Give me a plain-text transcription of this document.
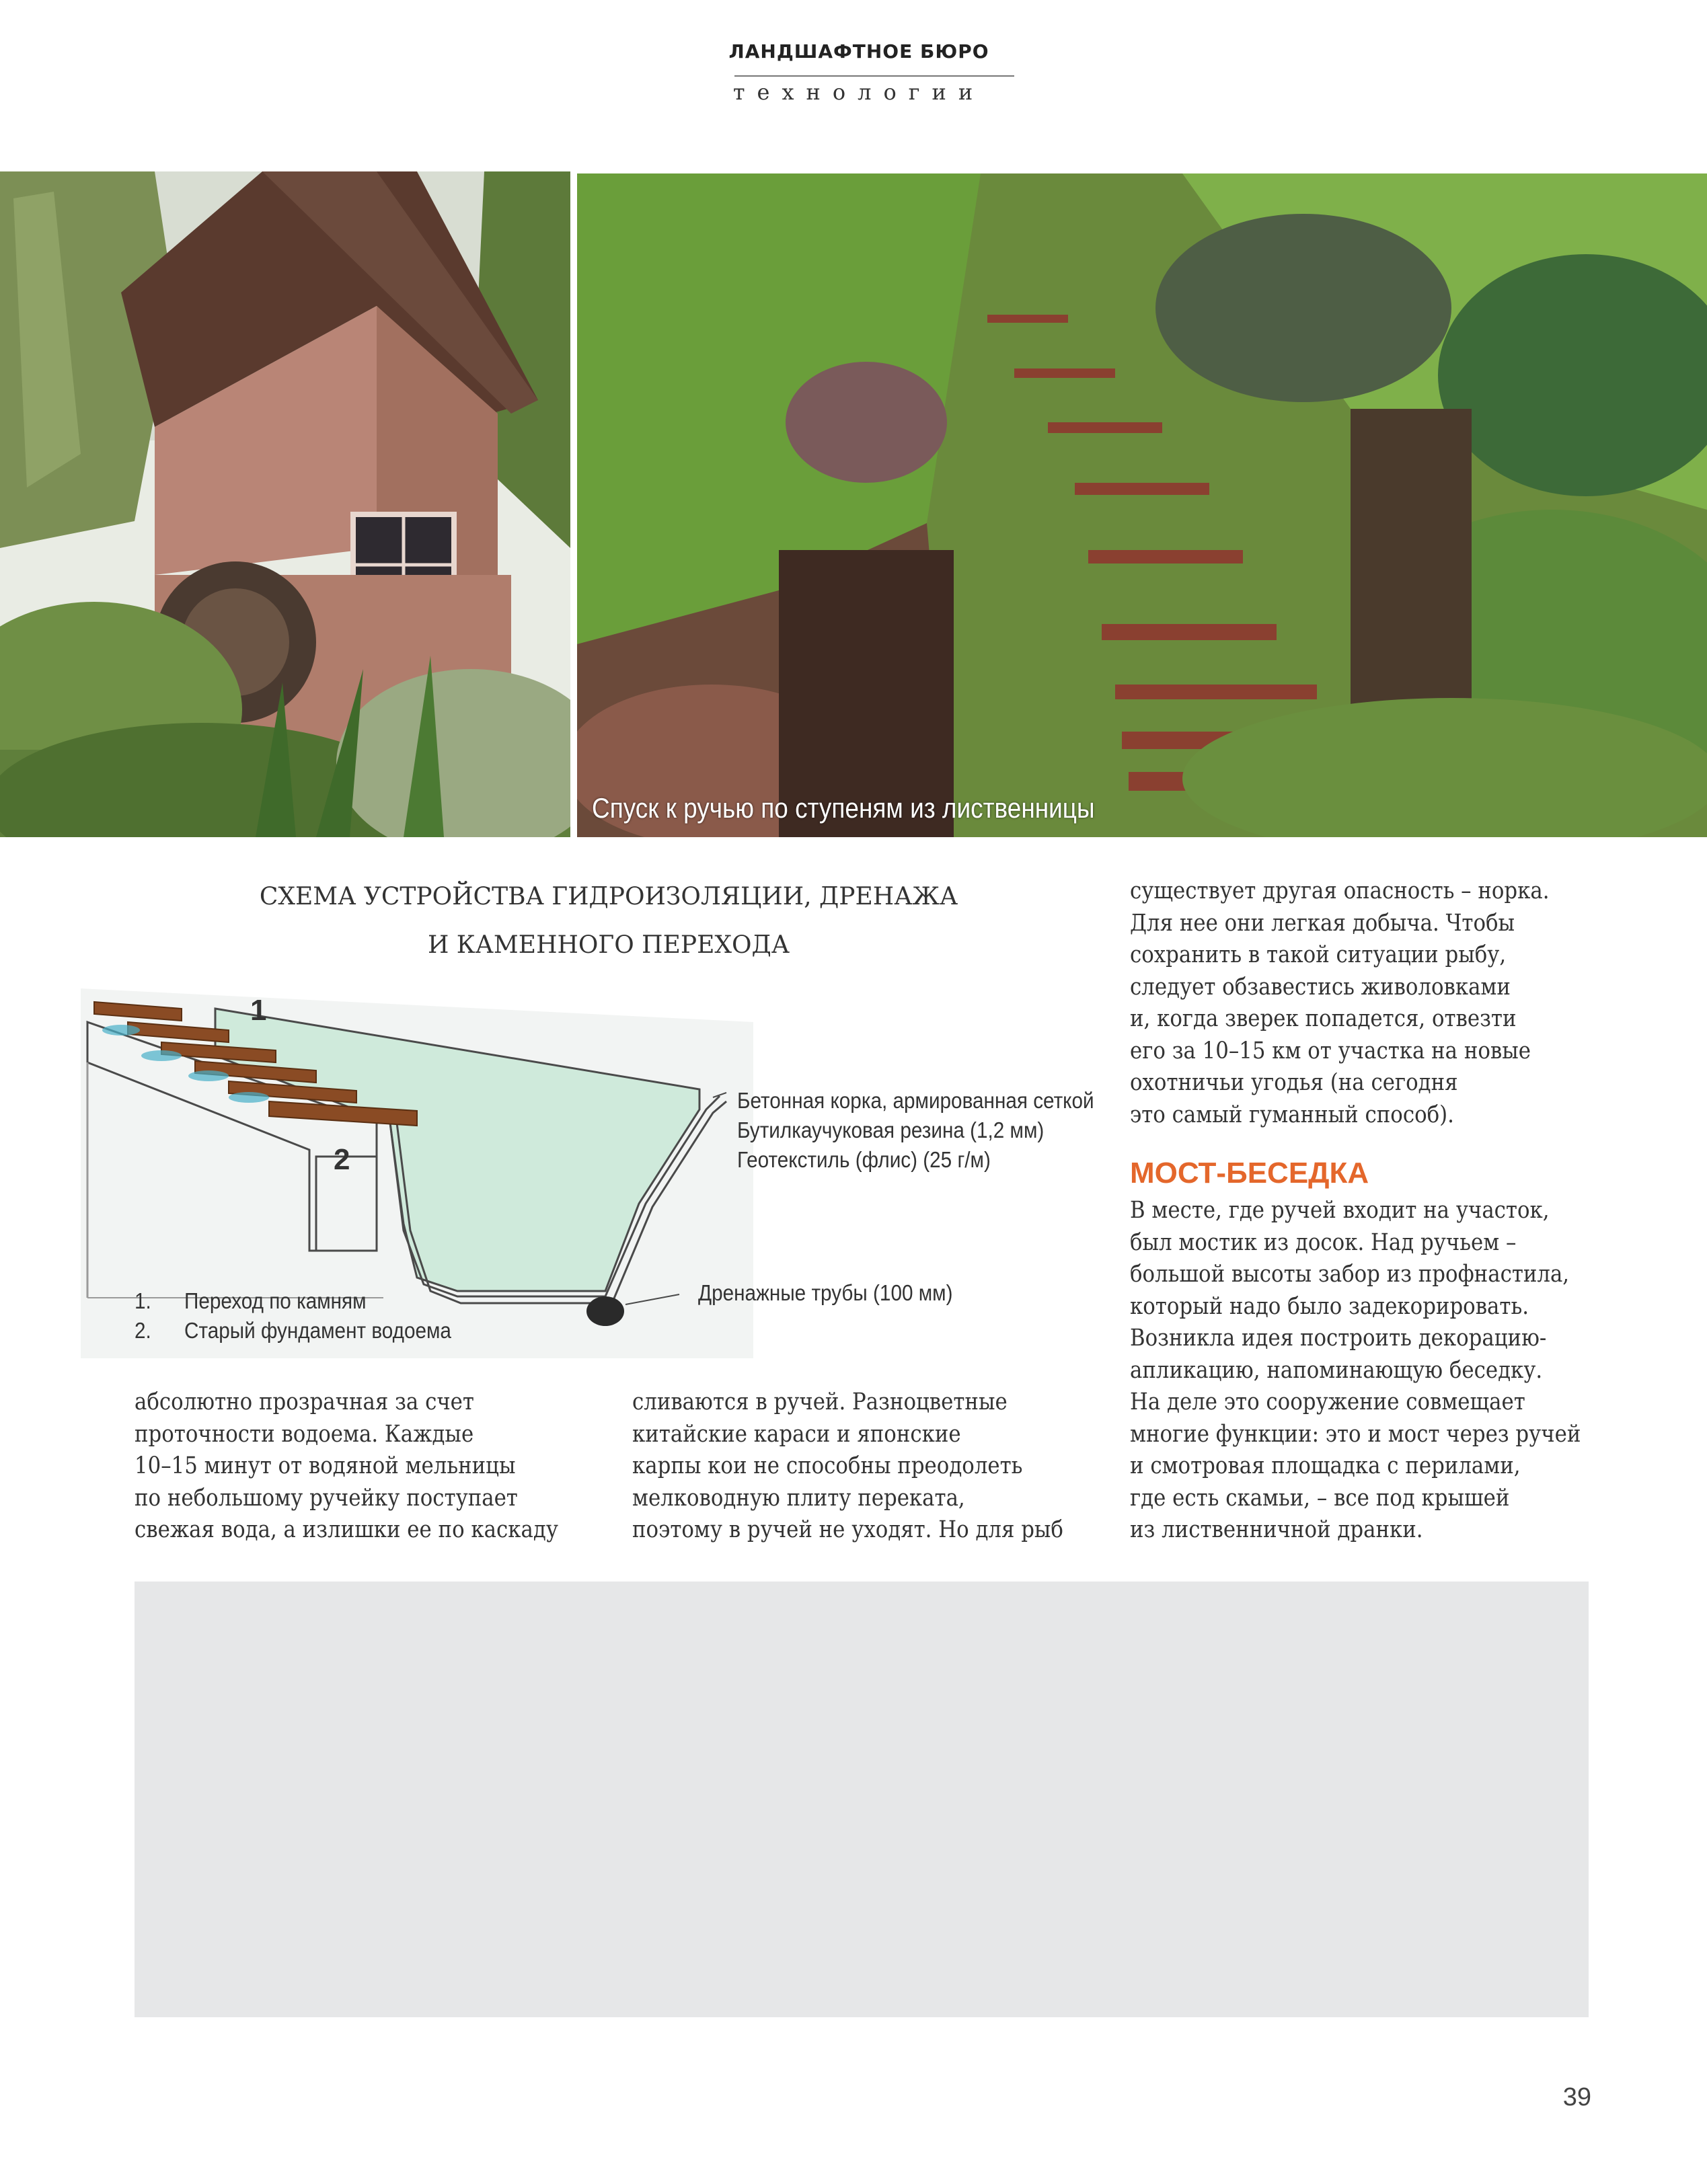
ЛАНДШАФТНОЕ БЮРО
технологии
Спуск к ручью по ступеням из лиственницы
СХЕМА УСТРОЙСТВА ГИДРОИЗОЛЯЦИИ, ДРЕНАЖА
И КАМЕННОГО ПЕРЕХОДА
1
2
Бетонная корка, армированная сеткой
Бутилкаучуковая резина (1,2 мм)
Геотекстиль (флис) (25 г/м)
Дренажные трубы (100 мм)
1. Переход по камням
2. Старый фундамент водоема
абсолютно прозрачная за счет
проточности водоема. Каждые
10–15 минут от водяной мельницы
по небольшому ручейку поступает
свежая вода, а излишки ее по каскаду
сливаются в ручей. Разноцветные
китайские караси и японские
карпы кои не способны преодолеть
мелководную плиту переката,
поэтому в ручей не уходят. Но для рыб
существует другая опасность – норка.
Для нее они легкая добыча. Чтобы
сохранить в такой ситуации рыбу,
следует обзавестись живоловками
и, когда зверек попадется, отвезти
его за 10–15 км от участка на новые
охотничьи угодья (на сегодня
это самый гуманный способ).
МОСТ-БЕСЕДКА
В месте, где ручей входит на участок,
был мостик из досок. Над ручьем –
большой высоты забор из профнастила,
который надо было задекорировать.
Возникла идея построить декорацию-
апликацию, напоминающую беседку.
На деле это сооружение совмещает
многие функции: это и мост через ручей
и смотровая площадка с перилами,
где есть скамьи, – все под крышей
из лиственничной дранки.
39
